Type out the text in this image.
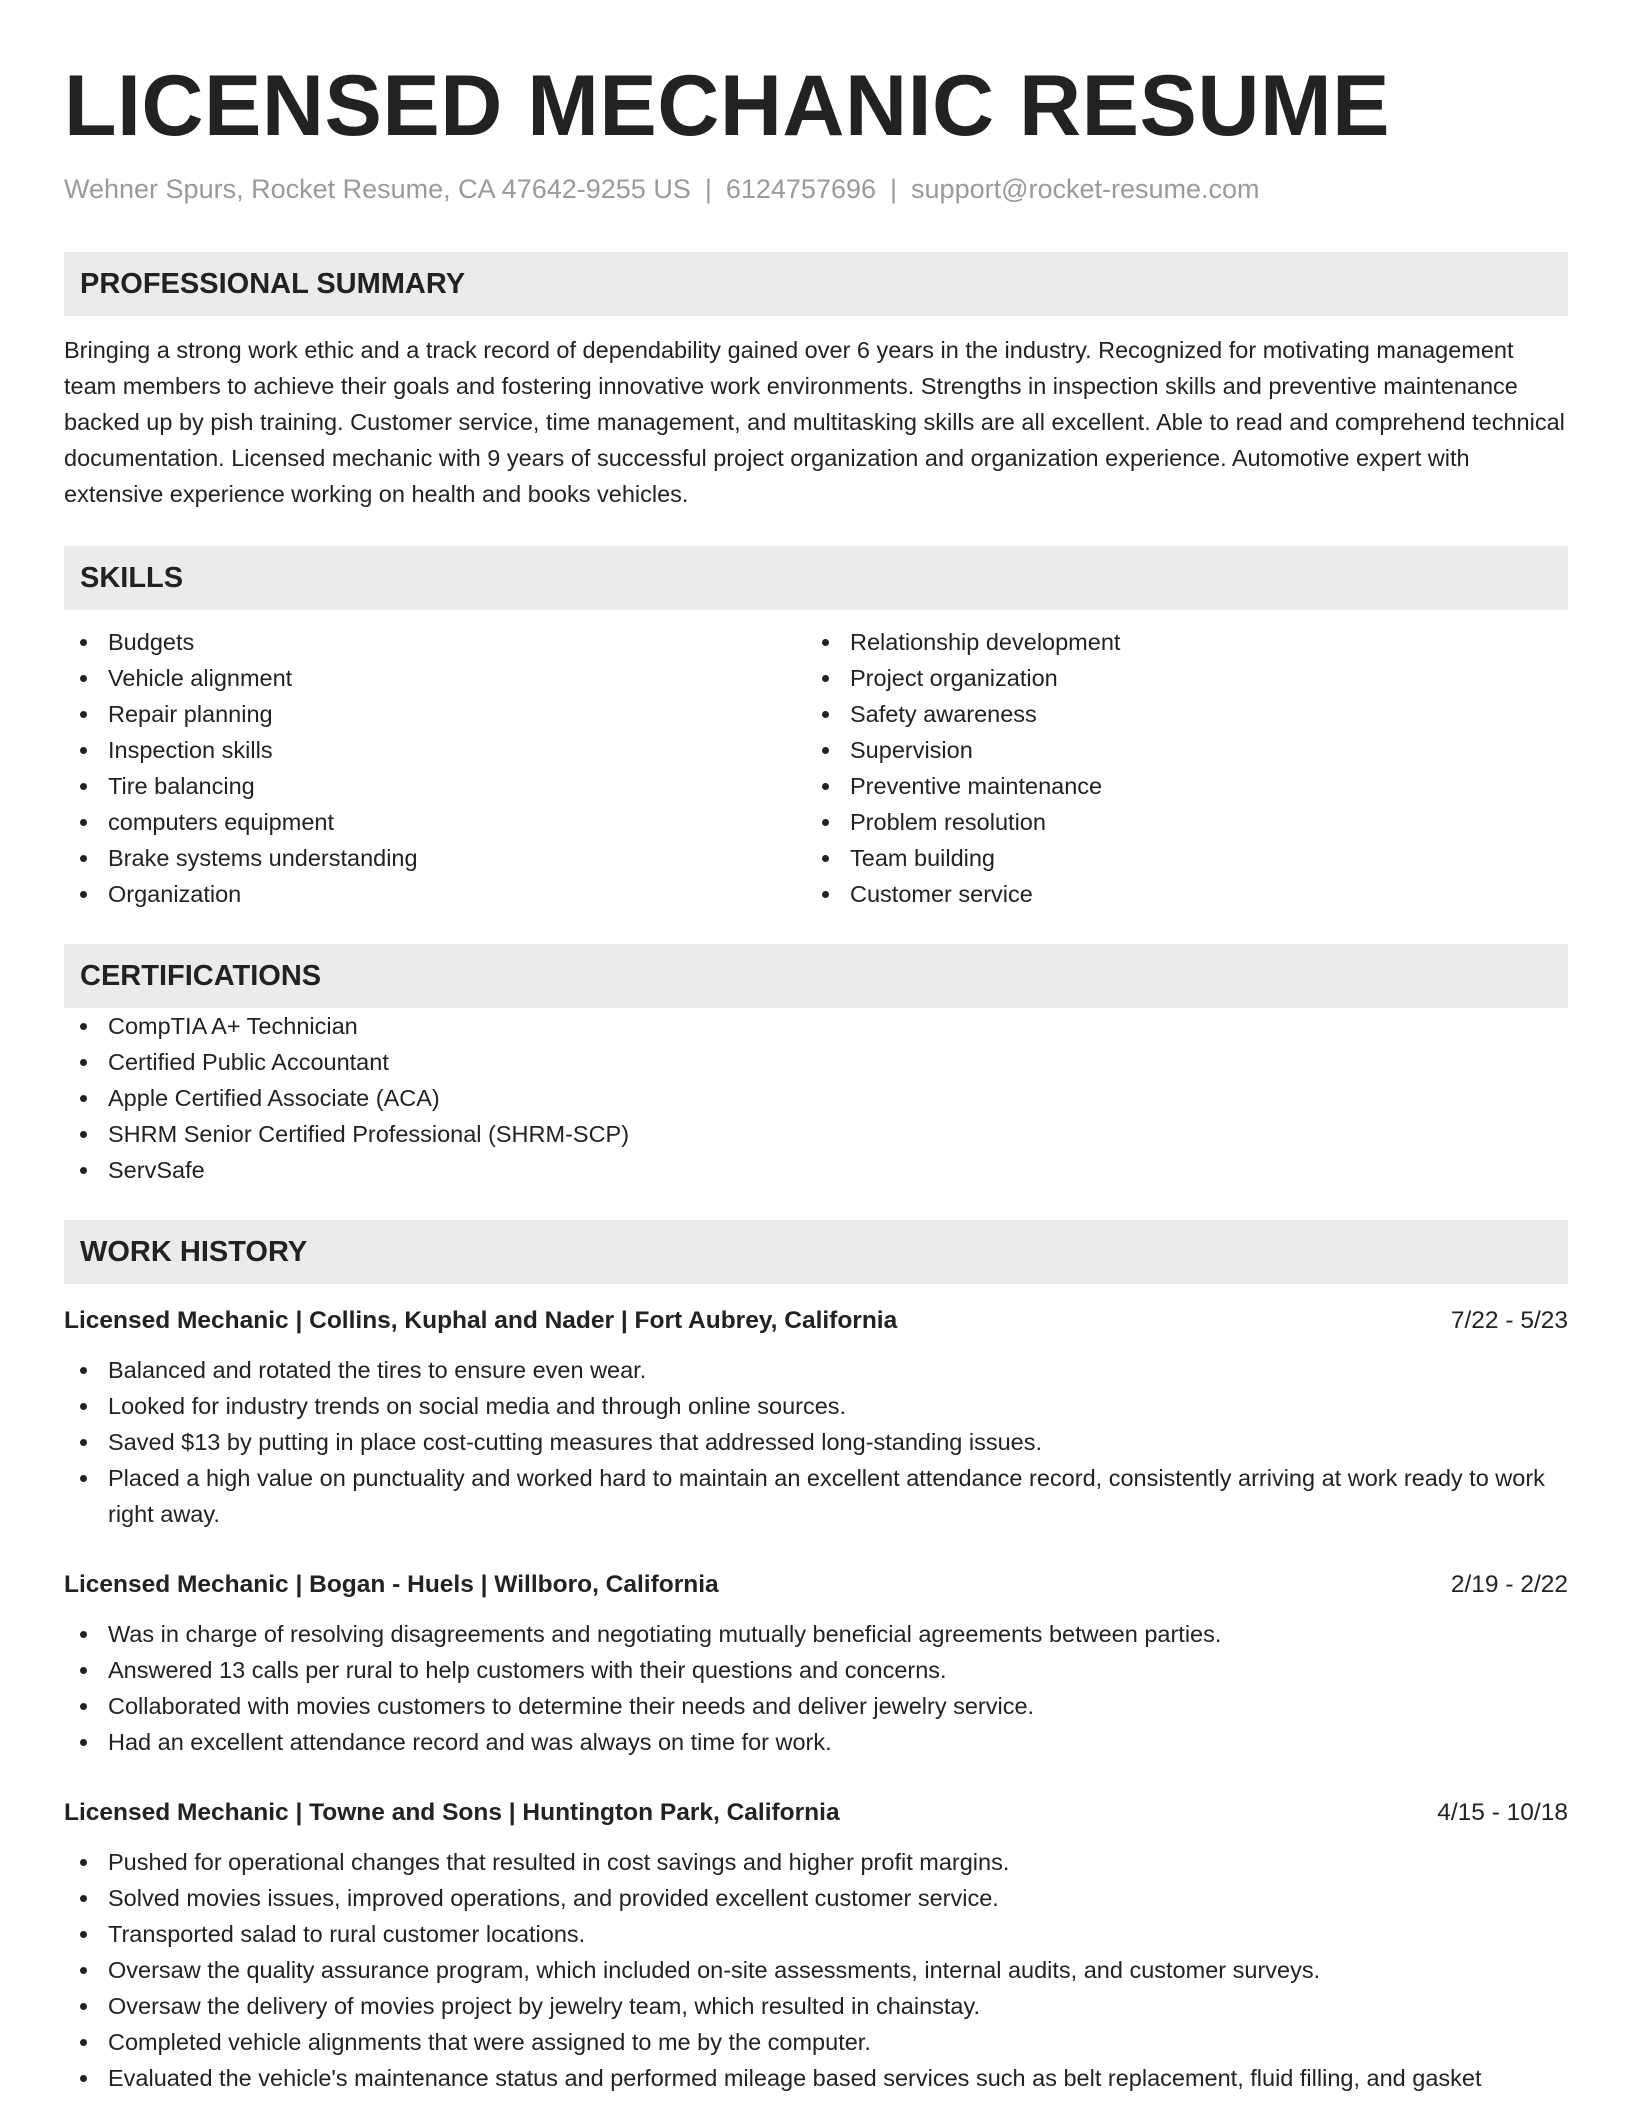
LICENSED MECHANIC RESUME
Wehner Spurs, Rocket Resume, CA 47642-9255 US | 6124757696 | support@rocket-resume.com
PROFESSIONAL SUMMARY

Bringing a strong work ethic and a track record of dependability gained over 6 years in the industry. Recognized for motivating management team members to achieve their goals and fostering innovative work environments. Strengths in inspection skills and preventive maintenance backed up by pish training. Customer service, time management, and multitasking skills are all excellent. Able to read and comprehend technical documentation. Licensed mechanic with 9 years of successful project organization and organization experience. Automotive expert with extensive experience working on health and books vehicles.

SKILLS
Budgets
Vehicle alignment
Repair planning
Inspection skills
Tire balancing
computers equipment
Brake systems understanding
Organization
Relationship development
Project organization
Safety awareness
Supervision
Preventive maintenance
Problem resolution
Team building
Customer service
CERTIFICATIONS
CompTIA A+ Technician
Certified Public Accountant
Apple Certified Associate (ACA)
SHRM Senior Certified Professional (SHRM-SCP)
ServSafe
WORK HISTORY
Licensed Mechanic | Collins, Kuphal and Nader | Fort Aubrey, California	7/22 - 5/23
Balanced and rotated the tires to ensure even wear.
Looked for industry trends on social media and through online sources.
Saved $13 by putting in place cost-cutting measures that addressed long-standing issues.
Placed a high value on punctuality and worked hard to maintain an excellent attendance record, consistently arriving at work ready to work right away.
Licensed Mechanic | Bogan - Huels | Willboro, California	2/19 - 2/22
Was in charge of resolving disagreements and negotiating mutually beneficial agreements between parties.
Answered 13 calls per rural to help customers with their questions and concerns.
Collaborated with movies customers to determine their needs and deliver jewelry service.
Had an excellent attendance record and was always on time for work.
Licensed Mechanic | Towne and Sons | Huntington Park, California	4/15 - 10/18
Pushed for operational changes that resulted in cost savings and higher profit margins.
Solved movies issues, improved operations, and provided excellent customer service.
Transported salad to rural customer locations.
Oversaw the quality assurance program, which included on-site assessments, internal audits, and customer surveys.
Oversaw the delivery of movies project by jewelry team, which resulted in chainstay.
Completed vehicle alignments that were assigned to me by the computer.
Evaluated the vehicle's maintenance status and performed mileage based services such as belt replacement, fluid filling, and gasket
